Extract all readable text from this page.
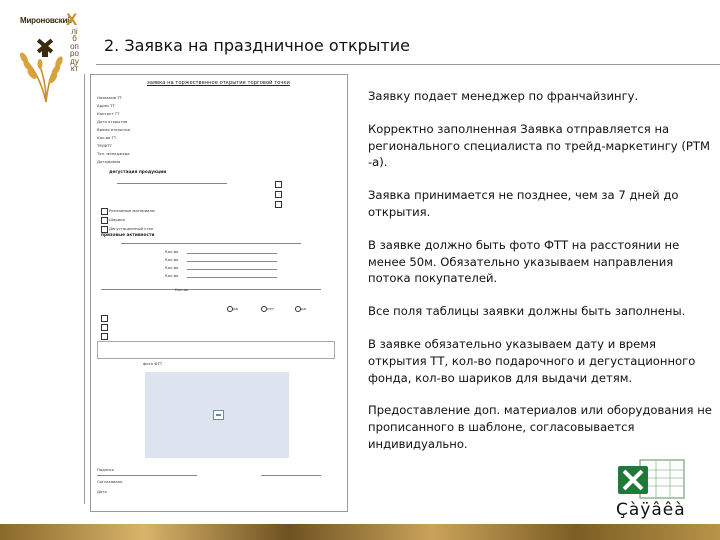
Мироновский
Х
лібопродукт
2. Заявка на праздничное открытие
заявка на торжественное открытие торговой точки
Название ТТ
Адрес ТТ
Контакт ТТ
Дата открытия
Время открытия
Кол-во ТТ
ТМ/ФТТ
Тел. менеджера
Дата/время
дегустация продукции
Рекламные материалы
Шарики
Дегустационный стол
призовые активности
Кол-во
Кол-во
Кол-во
Кол-во
Кол-во
да	нет	да
фото ФТТ
Подпись
Согласовано
Дата

Заявку подает менеджер по франчайзингу.

Корректно заполненная Заявка отправляется на регионального специалиста по трейд-маркетингу (РТМ -а).

Заявка принимается не позднее, чем за 7 дней до открытия.

В заявке должно быть фото ФТТ на расстоянии не менее 50м. Обязательно указываем направления потока покупателей.

Все поля таблицы заявки должны быть заполнены.

В заявке обязательно указываем дату и время открытия ТТ, кол-во подарочного и дегустационного фонда, кол-во шариков для выдачи детям.

Предоставление доп. материалов или оборудования не прописанного в шаблоне, согласовывается индивидуально.

Çàÿâêà
